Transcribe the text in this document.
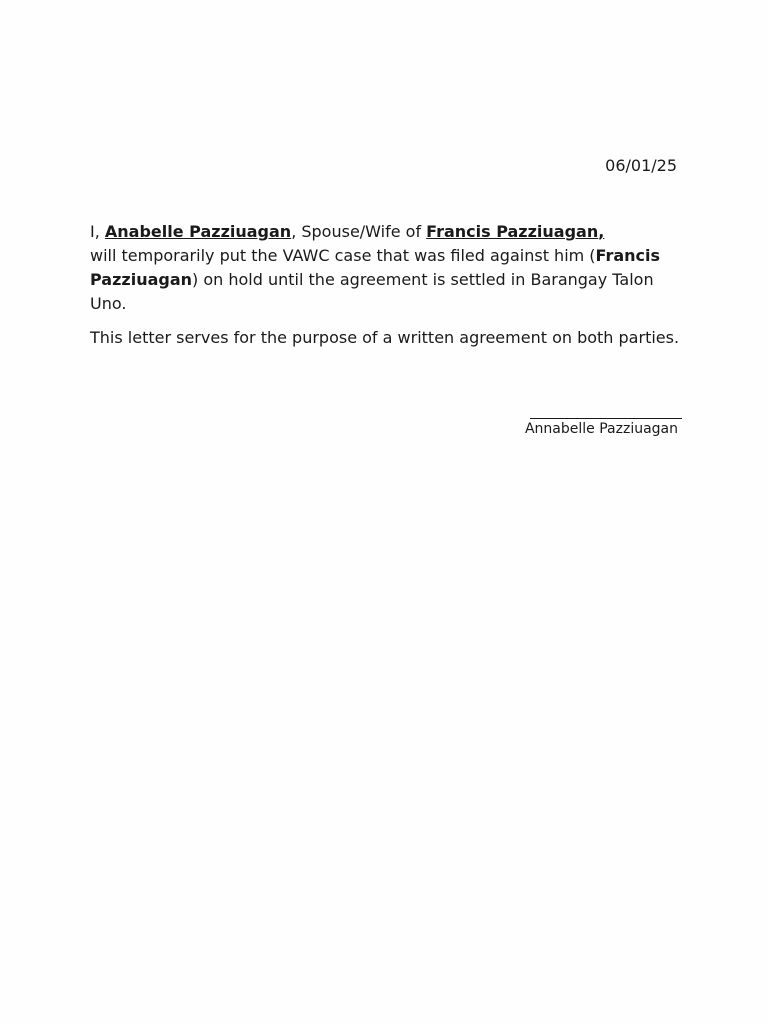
06/01/25
I, Anabelle Pazziuagan, Spouse/Wife of Francis Pazziuagan,
will temporarily put the VAWC case that was filed against him (Francis Pazziuagan) on hold until the agreement is settled in Barangay Talon Uno.
This letter serves for the purpose of a written agreement on both parties.
Annabelle Pazziuagan
